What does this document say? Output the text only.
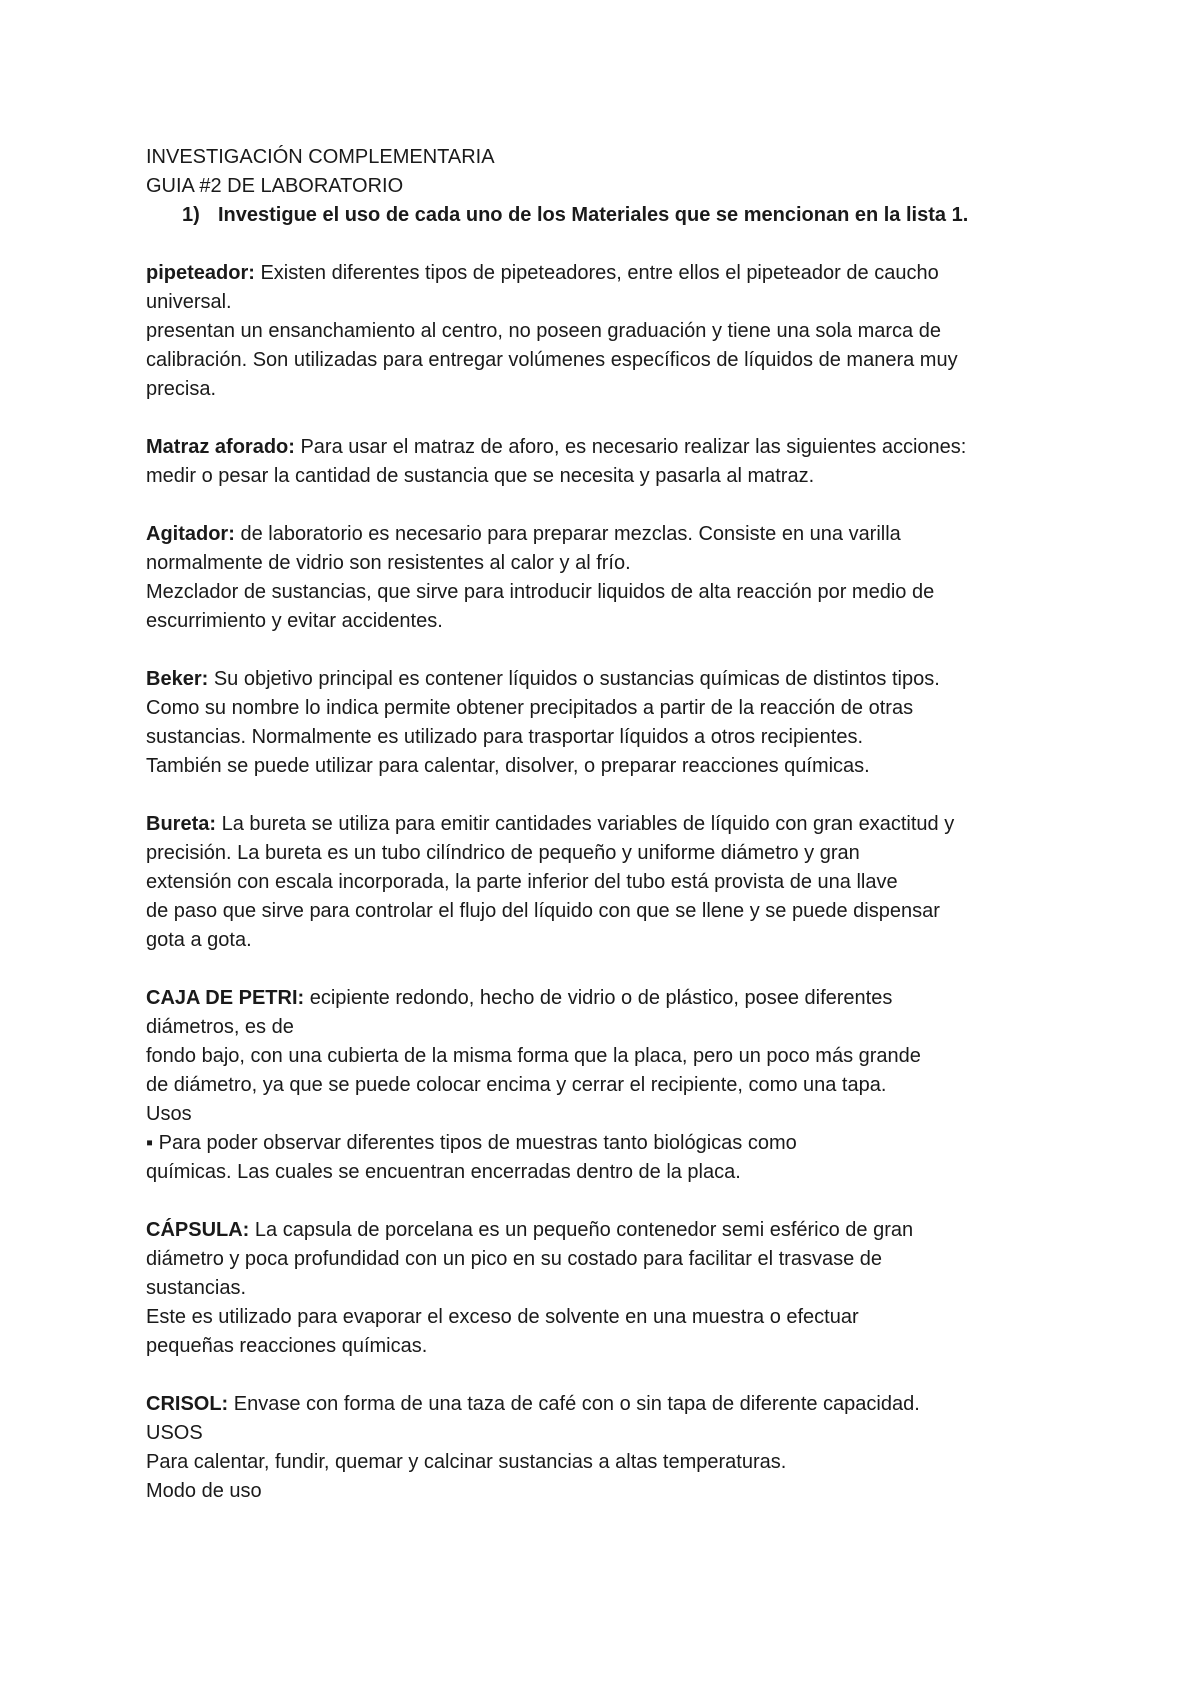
INVESTIGACIÓN COMPLEMENTARIA
GUIA #2 DE LABORATORIO
1) Investigue el uso de cada uno de los Materiales que se mencionan en la lista 1.
pipeteador: Existen diferentes tipos de pipeteadores, entre ellos el pipeteador de caucho
universal.
presentan un ensanchamiento al centro, no poseen graduación y tiene una sola marca de
calibración. Son utilizadas para entregar volúmenes específicos de líquidos de manera muy
precisa.
Matraz aforado: Para usar el matraz de aforo, es necesario realizar las siguientes acciones:
medir o pesar la cantidad de sustancia que se necesita y pasarla al matraz.
Agitador: de laboratorio es necesario para preparar mezclas. Consiste en una varilla
normalmente de vidrio son resistentes al calor y al frío.
Mezclador de sustancias, que sirve para introducir liquidos de alta reacción por medio de
escurrimiento y evitar accidentes.
Beker: Su objetivo principal es contener líquidos o sustancias químicas de distintos tipos.
Como su nombre lo indica permite obtener precipitados a partir de la reacción de otras
sustancias. Normalmente es utilizado para trasportar líquidos a otros recipientes.
También se puede utilizar para calentar, disolver, o preparar reacciones químicas.
Bureta: La bureta se utiliza para emitir cantidades variables de líquido con gran exactitud y
precisión. La bureta es un tubo cilíndrico de pequeño y uniforme diámetro y gran
extensión con escala incorporada, la parte inferior del tubo está provista de una llave
de paso que sirve para controlar el flujo del líquido con que se llene y se puede dispensar
gota a gota.
CAJA DE PETRI: ecipiente redondo, hecho de vidrio o de plástico, posee diferentes
diámetros, es de
fondo bajo, con una cubierta de la misma forma que la placa, pero un poco más grande
de diámetro, ya que se puede colocar encima y cerrar el recipiente, como una tapa.
Usos
▪ Para poder observar diferentes tipos de muestras tanto biológicas como
químicas. Las cuales se encuentran encerradas dentro de la placa.
CÁPSULA: La capsula de porcelana es un pequeño contenedor semi esférico de gran
diámetro y poca profundidad con un pico en su costado para facilitar el trasvase de
sustancias.
Este es utilizado para evaporar el exceso de solvente en una muestra o efectuar
pequeñas reacciones químicas.
CRISOL: Envase con forma de una taza de café con o sin tapa de diferente capacidad.
USOS
Para calentar, fundir, quemar y calcinar sustancias a altas temperaturas.
Modo de uso
